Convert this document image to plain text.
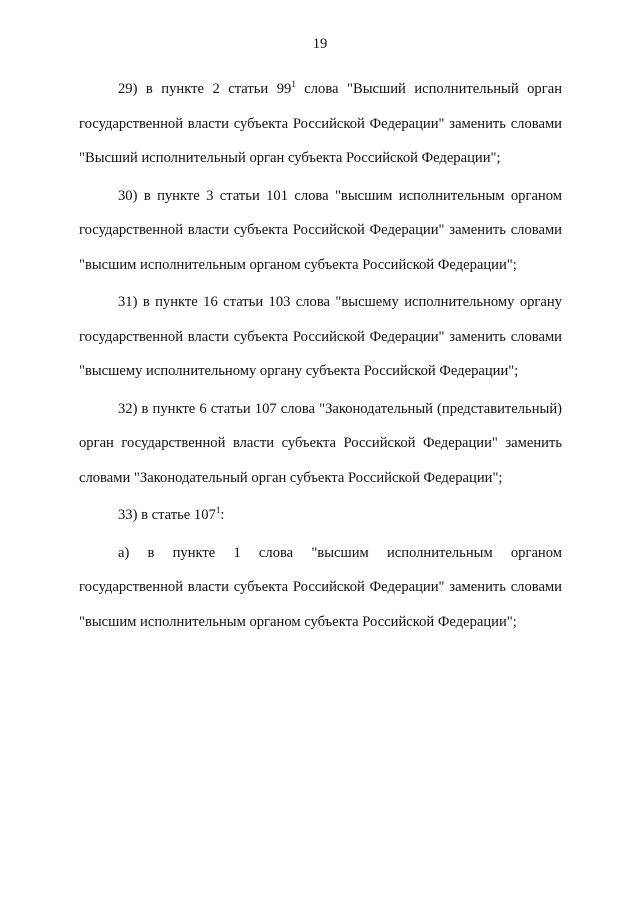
19

29) в пункте 2 статьи $99^1$ слова "Высший исполнительный орган государственной власти субъекта Российской Федерации" заменить словами "Высший исполнительный орган субъекта Российской Федерации";

30) в пункте 3 статьи 101 слова "высшим исполнительным органом государственной власти субъекта Российской Федерации" заменить словами "высшим исполнительным органом субъекта Российской Федерации";

31) в пункте 16 статьи 103 слова "высшему исполнительному органу государственной власти субъекта Российской Федерации" заменить словами "высшему исполнительному органу субъекта Российской Федерации";

32) в пункте 6 статьи 107 слова "Законодательный (представительный) орган государственной власти субъекта Российской Федерации" заменить словами "Законодательный орган субъекта Российской Федерации";

33) в статье $107^1$:

а) в пункте 1 слова "высшим исполнительным органом государственной власти субъекта Российской Федерации" заменить словами "высшим исполнительным органом субъекта Российской Федерации";
